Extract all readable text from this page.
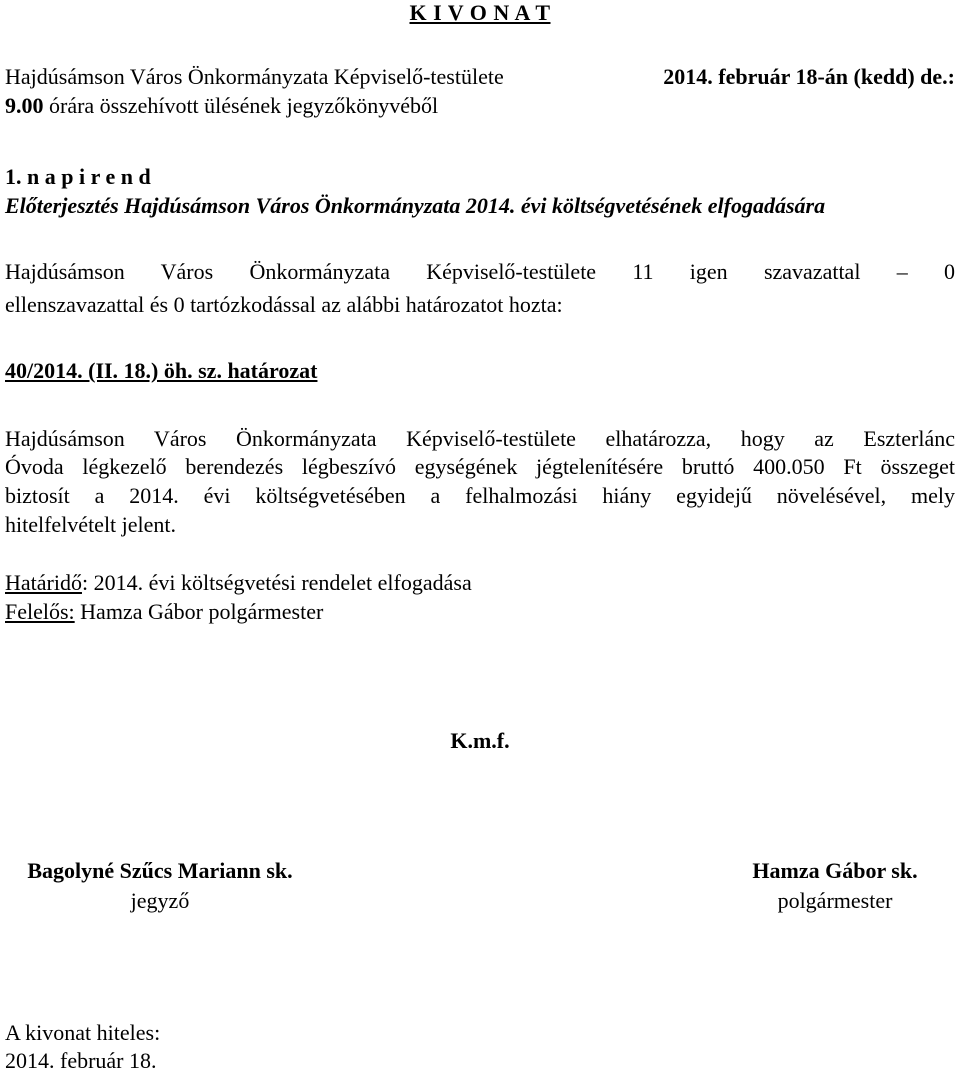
K I V O N A T
Hajdúsámson Város Önkormányzata Képviselő-testülete	2014. február 18-án (kedd) de.:
9.00 órára összehívott ülésének jegyzőkönyvéből
1. n a p i r e n d
Előterjesztés Hajdúsámson Város Önkormányzata 2014. évi költségvetésének elfogadására
Hajdúsámson Város Önkormányzata Képviselő-testülete 11 igen szavazattal – 0
ellenszavazattal és 0 tartózkodással az alábbi határozatot hozta:
40/2014. (II. 18.) öh. sz. határozat
Hajdúsámson Város Önkormányzata Képviselő-testülete elhatározza, hogy az Eszterlánc
Óvoda légkezelő berendezés légbeszívó egységének jégtelenítésére bruttó 400.050 Ft összeget
biztosít a 2014. évi költségvetésében a felhalmozási hiány egyidejű növelésével, mely
hitelfelvételt jelent.
Határidő: 2014. évi költségvetési rendelet elfogadása
Felelős: Hamza Gábor polgármester
K.m.f.
Bagolyné Szűcs Mariann sk.
jegyző
Hamza Gábor sk.
polgármester
A kivonat hiteles:
2014. február 18.
